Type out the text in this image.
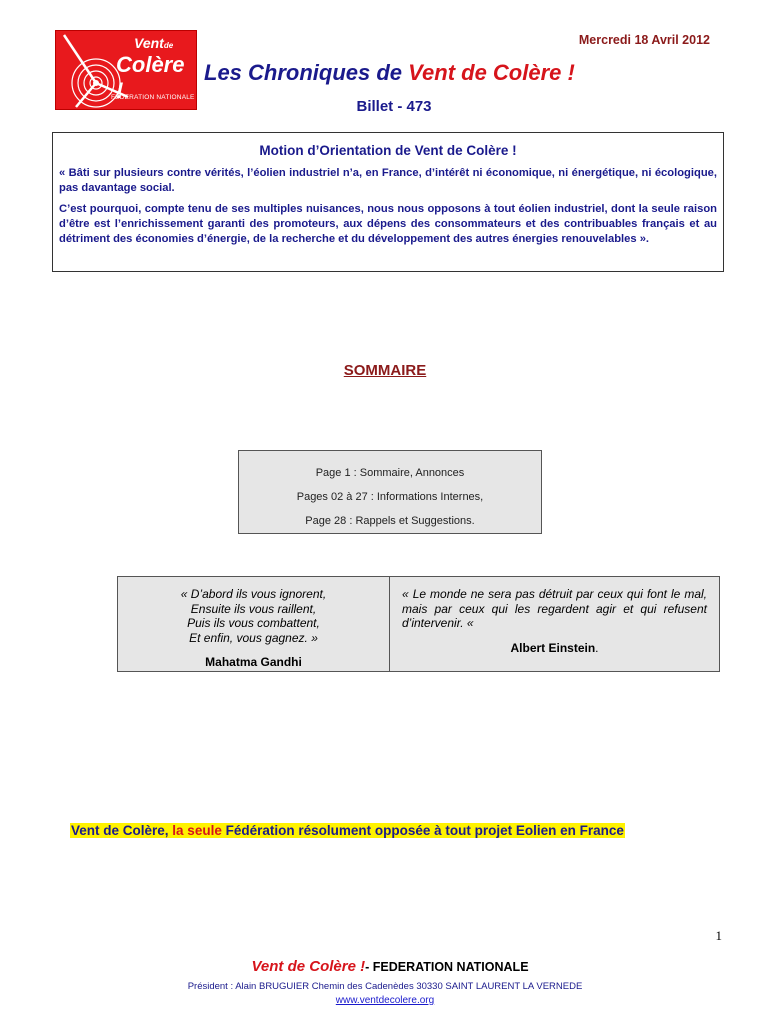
Mercredi 18 Avril 2012
Ventde
Colère !
FEDERATION NATIONALE
Les Chroniques de Vent de Colère !
Billet - 473
Motion d’Orientation de Vent de Colère !

« Bâti sur plusieurs contre vérités, l’éolien industriel n’a, en France, d’intérêt ni économique, ni énergétique, ni écologique, pas davantage social.

C’est pourquoi, compte tenu de ses multiples nuisances, nous nous opposons à tout éolien industriel, dont la seule raison d’être est l’enrichissement garanti des promoteurs, aux dépens des consommateurs et des contribuables français et au détriment des économies d’énergie, de la recherche et du développement des autres énergies renouvelables ».

SOMMAIRE
Page 1 : Sommaire, Annonces
Pages 02 à 27 : Informations Internes,
Page 28 : Rappels et Suggestions.
« D’abord ils vous ignorent,
Ensuite ils vous raillent,
Puis ils vous combattent,
Et enfin, vous gagnez. »
Mahatma Gandhi
« Le monde ne sera pas détruit par ceux qui font le mal, mais par ceux qui les regardent agir et qui refusent d’intervenir. «
Albert Einstein.
Vent de Colère, la seule Fédération résolument opposée à tout projet Eolien en France
1
Vent de Colère !- FEDERATION NATIONALE
Président : Alain BRUGUIER Chemin des Cadenèdes 30330 SAINT LAURENT LA VERNEDE
www.ventdecolere.org
